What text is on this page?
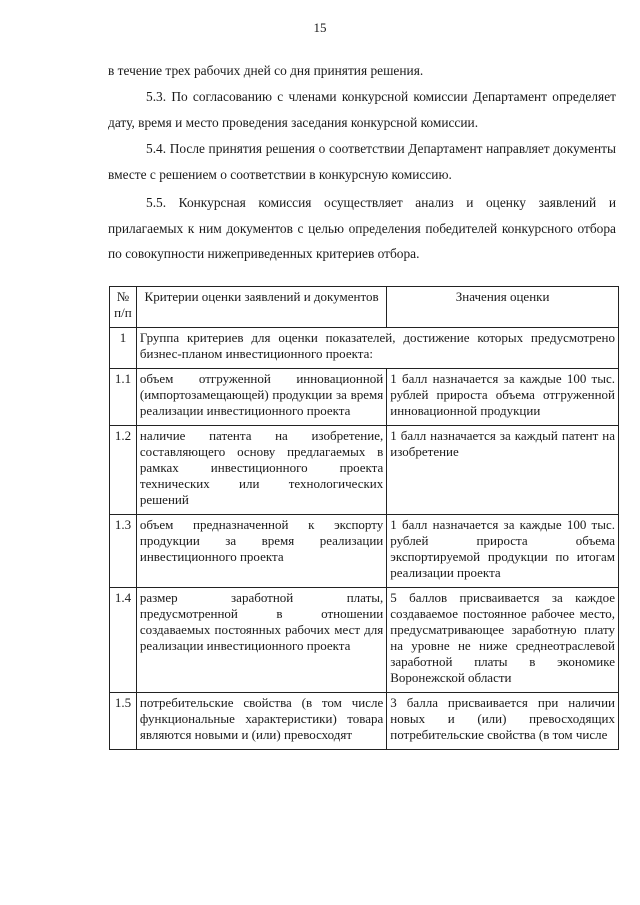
15
в течение трех рабочих дней со дня принятия решения.
5.3. По согласованию с членами конкурсной комиссии Департамент определяет дату, время и место проведения заседания конкурсной комиссии.
5.4. После принятия решения о соответствии Департамент направляет документы вместе с решением о соответствии в конкурсную комиссию.
5.5. Конкурсная комиссия осуществляет анализ и оценку заявлений и прилагаемых к ним документов с целью определения победителей конкурсного отбора по совокупности нижеприведенных критериев отбора.
№ п/п	Критерии оценки заявлений и документов	Значения оценки
1	Группа критериев для оценки показателей, достижение которых предусмотрено бизнес-планом инвестиционного проекта:	
1.1	объем отгруженной инновационной (импортозамещающей) продукции за время реализации инвестиционного проекта	1 балл назначается за каждые 100 тыс. рублей прироста объема отгруженной инновационной продукции
1.2	наличие патента на изобретение, составляющего основу предлагаемых в рамках инвестиционного проекта технических или технологических решений	1 балл назначается за каждый патент на изобретение
1.3	объем предназначенной к экспорту продукции за время реализации инвестиционного проекта	1 балл назначается за каждые 100 тыс. рублей прироста объема экспортируемой продукции по итогам реализации проекта
1.4	размер заработной платы, предусмотренной в отношении создаваемых постоянных рабочих мест для реализации инвестиционного проекта	5 баллов присваивается за каждое создаваемое постоянное рабочее место, предусматривающее заработную плату на уровне не ниже среднеотраслевой заработной платы в экономике Воронежской области
1.5	потребительские свойства (в том числе функциональные характеристики) товара являются новыми и (или) превосходят	3 балла присваивается при наличии новых и (или) превосходящих потребительские свойства (в том числе
